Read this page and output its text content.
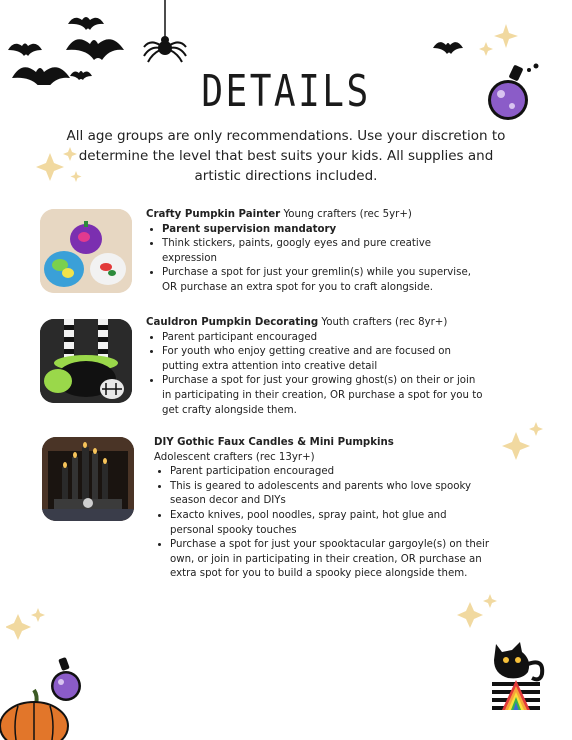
DETAILS
All age groups are only recommendations. Use your discretion to determine the level that best suits your kids. All supplies and artistic directions included.
Crafty Pumpkin Painter Young crafters (rec 5yr+)
• Parent supervision mandatory
• Think stickers, paints, googly eyes and pure creative expression
• Purchase a spot for just your gremlin(s) while you supervise, OR purchase an extra spot for you to craft alongside.
Cauldron Pumpkin Decorating Youth crafters (rec 8yr+)
• Parent participant encouraged
• For youth who enjoy getting creative and are focused on putting extra attention into creative detail
• Purchase a spot for just your growing ghost(s) on their or join in participating in their creation, OR purchase a spot for you to get crafty alongside them.
DIY Gothic Faux Candles & Mini Pumpkins
Adolescent crafters (rec 13yr+)
• Parent participation encouraged
• This is geared to adolescents and parents who love spooky season decor and DIYs
• Exacto knives, pool noodles, spray paint, hot glue and personal spooky touches
• Purchase a spot for just your spooktacular gargoyle(s) on their own, or join in participating in their creation, OR purchase an extra spot for you to build a spooky piece alongside them.
